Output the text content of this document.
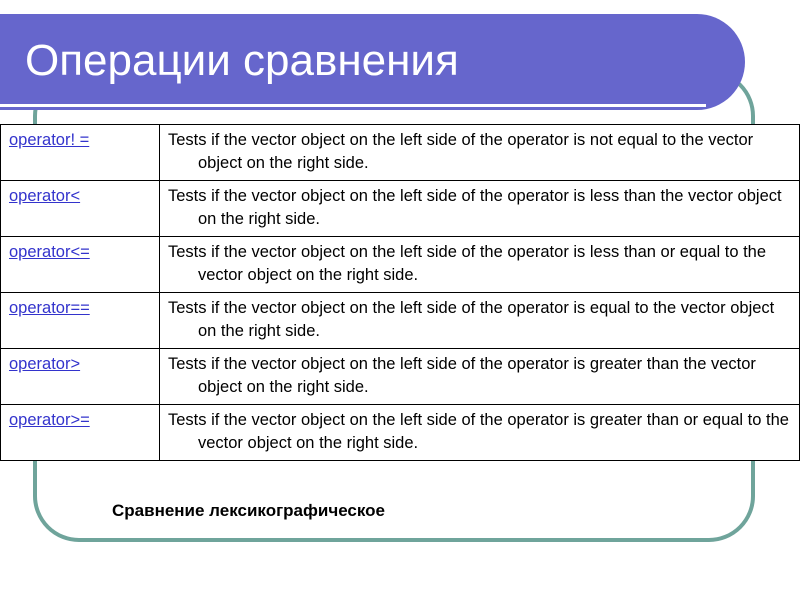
Операции сравнения
operator! =	Tests if the vector object on the left side of the operator is not equal to the vector object on the right side.

operator<	Tests if the vector object on the left side of the operator is less than the vector object on the right side.

operator<=	Tests if the vector object on the left side of the operator is less than or equal to the vector object on the right side.

operator==	Tests if the vector object on the left side of the operator is equal to the vector object on the right side.

operator>	Tests if the vector object on the left side of the operator is greater than the vector object on the right side.

operator>=	Tests if the vector object on the left side of the operator is greater than or equal to the vector object on the right side.

Сравнение лексикографическое
